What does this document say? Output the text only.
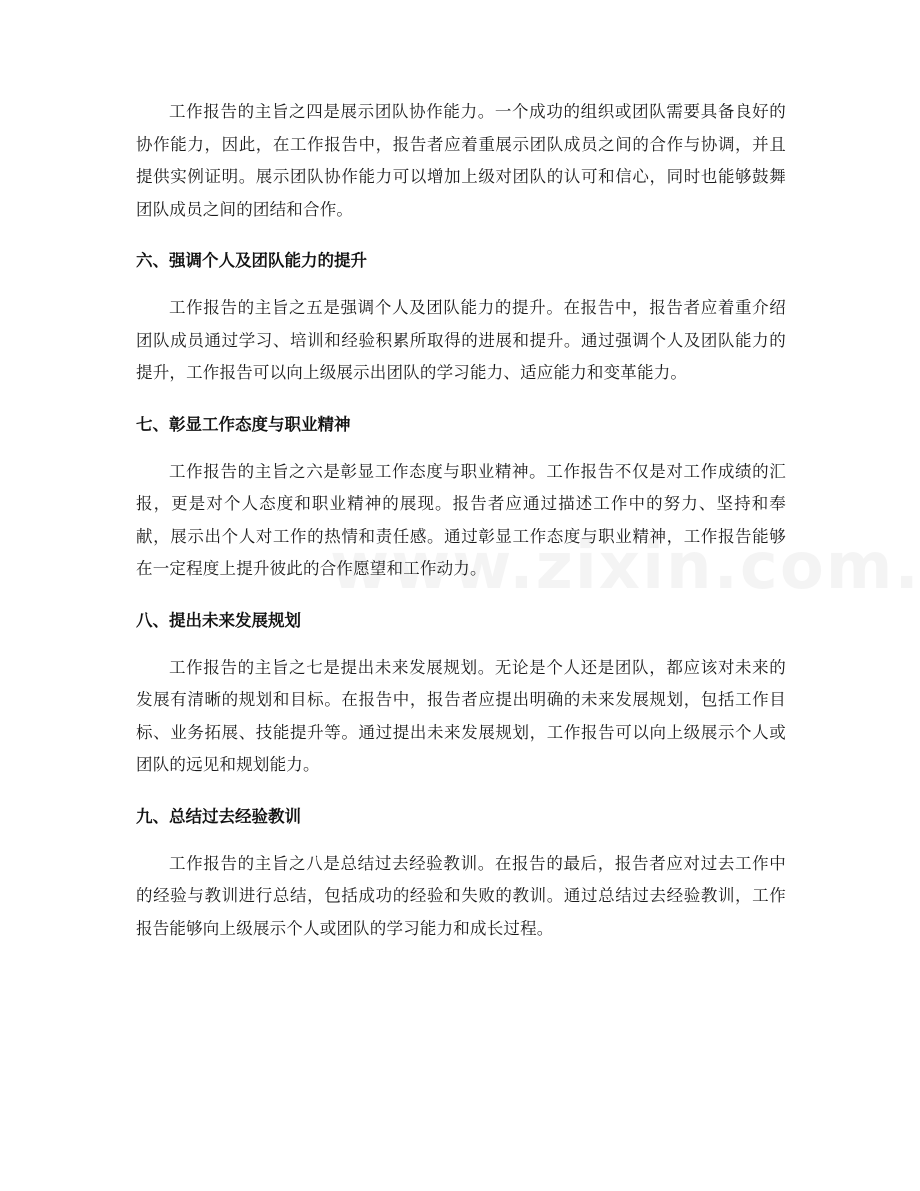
工作报告的主旨之四是展示团队协作能力。一个成功的组织或团队需要具备良好的协作能力，因此，在工作报告中，报告者应着重展示团队成员之间的合作与协调，并且提供实例证明。展示团队协作能力可以增加上级对团队的认可和信心，同时也能够鼓舞团队成员之间的团结和合作。

六、强调个人及团队能力的提升

工作报告的主旨之五是强调个人及团队能力的提升。在报告中，报告者应着重介绍团队成员通过学习、培训和经验积累所取得的进展和提升。通过强调个人及团队能力的提升，工作报告可以向上级展示出团队的学习能力、适应能力和变革能力。

七、彰显工作态度与职业精神

工作报告的主旨之六是彰显工作态度与职业精神。工作报告不仅是对工作成绩的汇报，更是对个人态度和职业精神的展现。报告者应通过描述工作中的努力、坚持和奉献，展示出个人对工作的热情和责任感。通过彰显工作态度与职业精神，工作报告能够在一定程度上提升彼此的合作愿望和工作动力。

八、提出未来发展规划

工作报告的主旨之七是提出未来发展规划。无论是个人还是团队，都应该对未来的发展有清晰的规划和目标。在报告中，报告者应提出明确的未来发展规划，包括工作目标、业务拓展、技能提升等。通过提出未来发展规划，工作报告可以向上级展示个人或团队的远见和规划能力。

九、总结过去经验教训

工作报告的主旨之八是总结过去经验教训。在报告的最后，报告者应对过去工作中的经验与教训进行总结，包括成功的经验和失败的教训。通过总结过去经验教训，工作报告能够向上级展示个人或团队的学习能力和成长过程。
